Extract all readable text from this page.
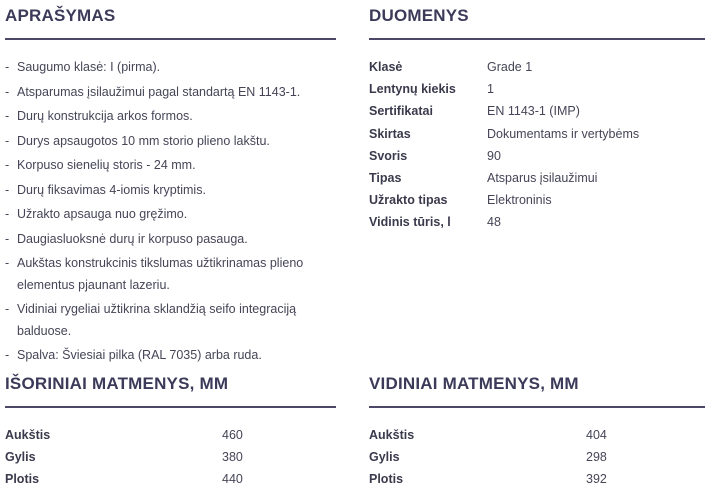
APRAŠYMAS
- Saugumo klasė: I (pirma).
- Atsparumas įsilaužimui pagal standartą EN 1143-1.
- Durų konstrukcija arkos formos.
- Durys apsaugotos 10 mm storio plieno lakštu.
- Korpuso sienelių storis - 24 mm.
- Durų fiksavimas 4-iomis kryptimis.
- Užrakto apsauga nuo gręžimo.
- Daugiasluoksnė durų ir korpuso pasauga.
- Aukštas konstrukcinis tikslumas užtikrinamas plieno elementus pjaunant lazeriu.
- Vidiniai rygeliai užtikrina sklandžią seifo integraciją balduose.
- Spalva: Šviesiai pilka (RAL 7035) arba ruda.
DUOMENYS
Klasė	Grade 1
Lentynų kiekis	1
Sertifikatai	EN 1143-1 (IMP)
Skirtas	Dokumentams ir vertybėms
Svoris	90
Tipas	Atsparus įsilaužimui
Užrakto tipas	Elektroninis
Vidinis tūris, l	48
IŠORINIAI MATMENYS, MM
Aukštis	460
Gylis	380
Plotis	440
VIDINIAI MATMENYS, MM
Aukštis	404
Gylis	298
Plotis	392
